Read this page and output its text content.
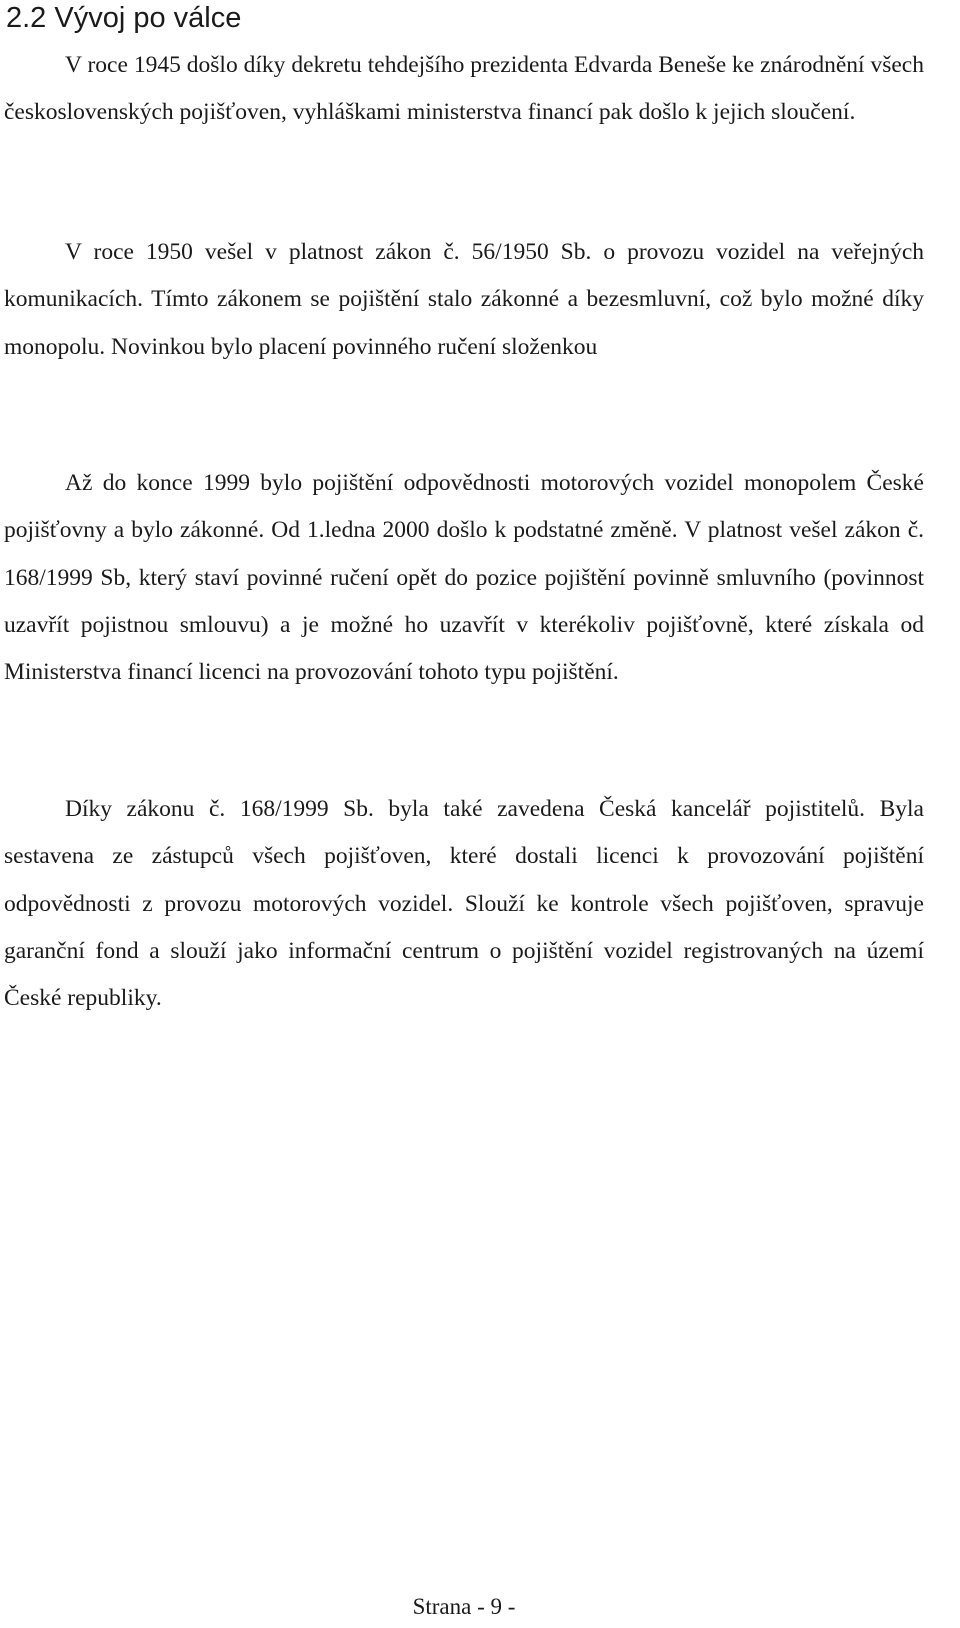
2.2 Vývoj po válce

V roce 1945 došlo díky dekretu tehdejšího prezidenta Edvarda Beneše ke znárodnění všech československých pojišťoven, vyhláškami ministerstva financí pak došlo k jejich sloučení.

V roce 1950 vešel v platnost zákon č. 56/1950 Sb. o provozu vozidel na veřejných komunikacích. Tímto zákonem se pojištění stalo zákonné a bezesmluvní, což bylo možné díky monopolu. Novinkou bylo placení povinného ručení složenkou

Až do konce 1999 bylo pojištění odpovědnosti motorových vozidel monopolem České pojišťovny a bylo zákonné. Od 1.ledna 2000 došlo k podstatné změně. V platnost vešel zákon č. 168/1999 Sb, který staví povinné ručení opět do pozice pojištění povinně smluvního (povinnost uzavřít pojistnou smlouvu) a je možné ho uzavřít v kterékoliv pojišťovně, které získala od Ministerstva financí licenci na provozování tohoto typu pojištění.

Díky zákonu č. 168/1999 Sb. byla také zavedena Česká kancelář pojistitelů. Byla sestavena ze zástupců všech pojišťoven, které dostali licenci k provozování pojištění odpovědnosti z provozu motorových vozidel. Slouží ke kontrole všech pojišťoven, spravuje garanční fond a slouží jako informační centrum o pojištění vozidel registrovaných na území České republiky.

Strana - 9 -
